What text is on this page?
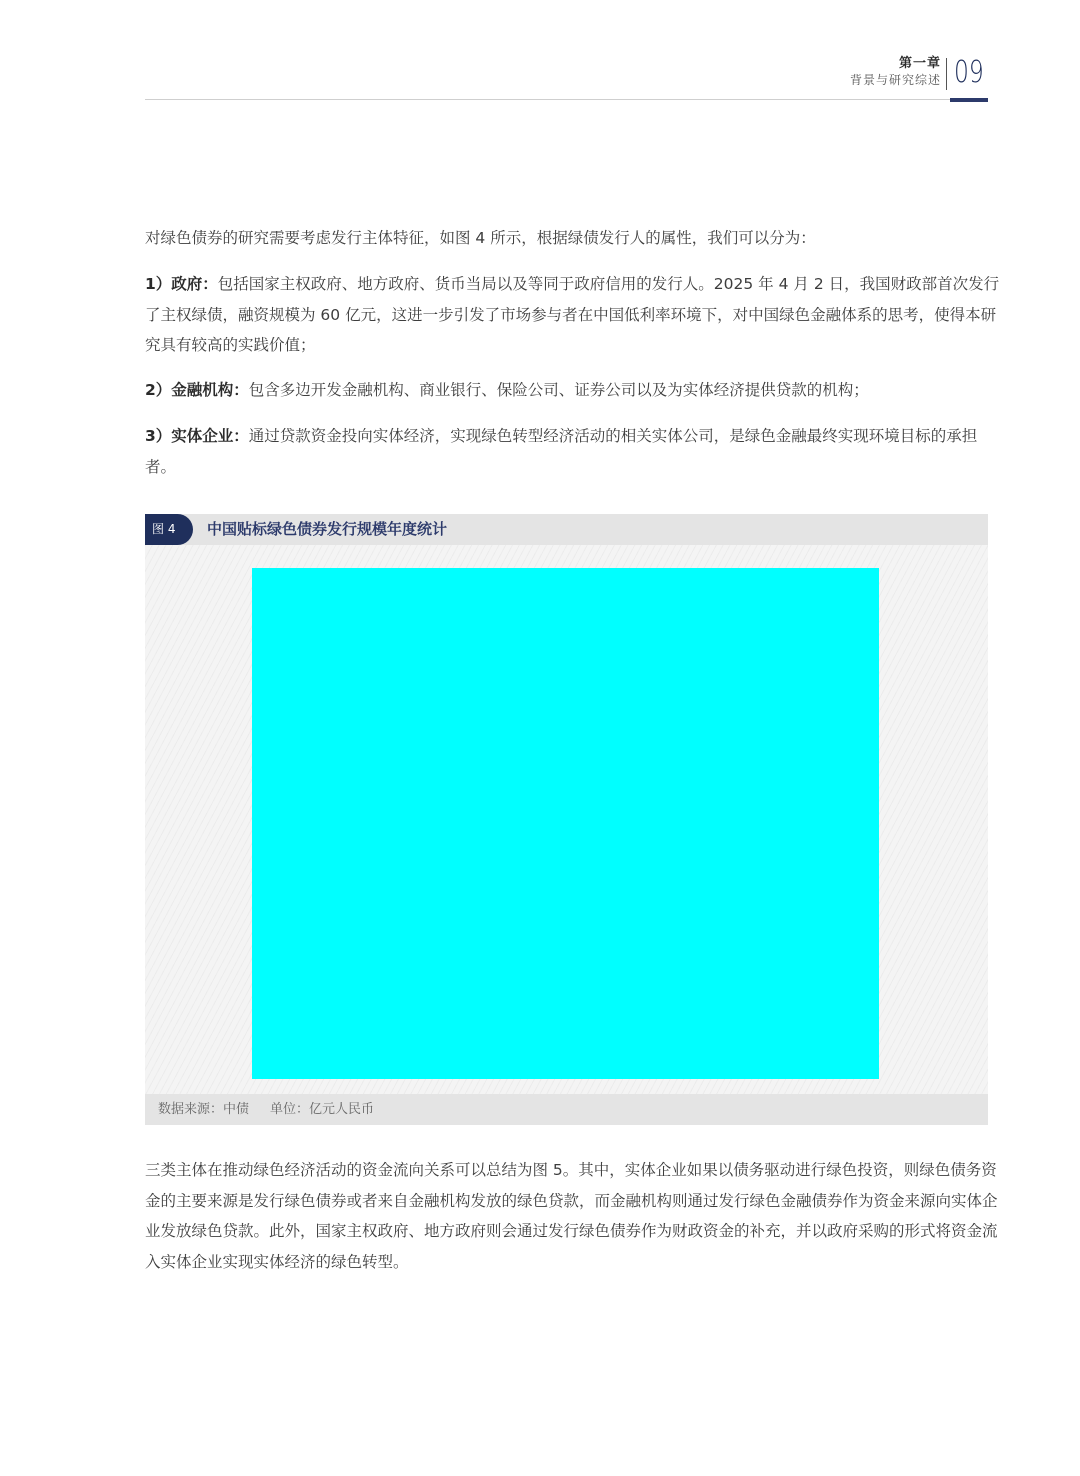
第一章
背景与研究综述 09

对绿色债券的研究需要考虑发行主体特征，如图 4 所示，根据绿债发行人的属性，我们可以分为：

1）政府：包括国家主权政府、地方政府、货币当局以及等同于政府信用的发行人。2025 年 4 月 2 日，我国财政部首次发行了主权绿债，融资规模为 60 亿元，这进一步引发了市场参与者在中国低利率环境下，对中国绿色金融体系的思考，使得本研究具有较高的实践价值；

2）金融机构：包含多边开发金融机构、商业银行、保险公司、证券公司以及为实体经济提供贷款的机构；

3）实体企业：通过贷款资金投向实体经济，实现绿色转型经济活动的相关实体公司，是绿色金融最终实现环境目标的承担者。

图 4	中国贴标绿色债券发行规模年度统计
数据来源：中债 单位：亿元人民币

三类主体在推动绿色经济活动的资金流向关系可以总结为图 5。其中，实体企业如果以债务驱动进行绿色投资，则绿色债务资金的主要来源是发行绿色债券或者来自金融机构发放的绿色贷款，而金融机构则通过发行绿色金融债券作为资金来源向实体企业发放绿色贷款。此外，国家主权政府、地方政府则会通过发行绿色债券作为财政资金的补充，并以政府采购的形式将资金流入实体企业实现实体经济的绿色转型。
